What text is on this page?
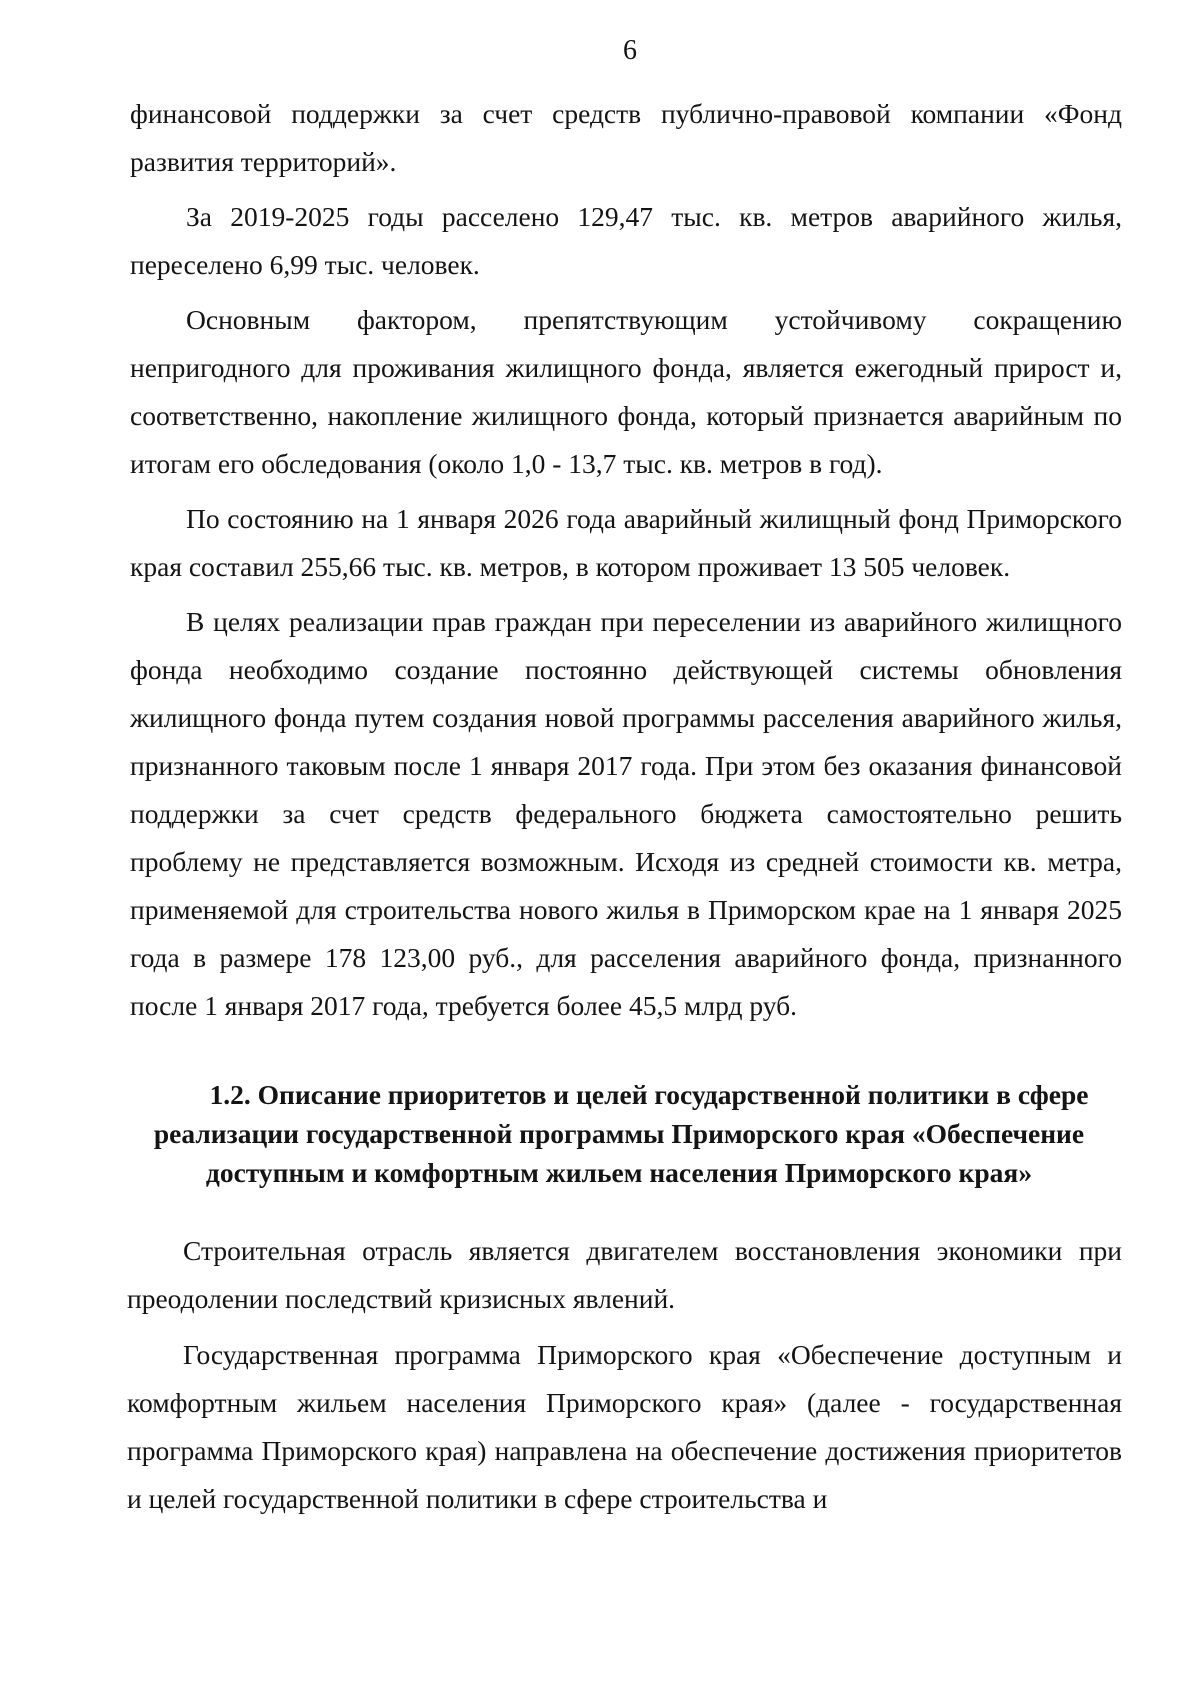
6

финансовой поддержки за счет средств публично-правовой компании «Фонд развития территорий».

За 2019-2025 годы расселено 129,47 тыс. кв. метров аварийного жилья, переселено 6,99 тыс. человек.

Основным фактором, препятствующим устойчивому сокращению непригодного для проживания жилищного фонда, является ежегодный прирост и, соответственно, накопление жилищного фонда, который признается аварийным по итогам его обследования (около 1,0 - 13,7 тыс. кв. метров в год).

По состоянию на 1 января 2026 года аварийный жилищный фонд Приморского края составил 255,66 тыс. кв. метров, в котором проживает 13 505 человек.

В целях реализации прав граждан при переселении из аварийного жилищного фонда необходимо создание постоянно действующей системы обновления жилищного фонда путем создания новой программы расселения аварийного жилья, признанного таковым после 1 января 2017 года. При этом без оказания финансовой поддержки за счет средств федерального бюджета самостоятельно решить проблему не представляется возможным. Исходя из средней стоимости кв. метра, применяемой для строительства нового жилья в Приморском крае на 1 января 2025 года в размере 178 123,00 руб., для расселения аварийного фонда, признанного после 1 января 2017 года, требуется более 45,5 млрд руб.

1.2. Описание приоритетов и целей государственной политики в сфере реализации государственной программы Приморского края «Обеспечение доступным и комфортным жильем населения Приморского края»

Строительная отрасль является двигателем восстановления экономики при преодолении последствий кризисных явлений.

Государственная программа Приморского края «Обеспечение доступным и комфортным жильем населения Приморского края» (далее - государственная программа Приморского края) направлена на обеспечение достижения приоритетов и целей государственной политики в сфере строительства и
